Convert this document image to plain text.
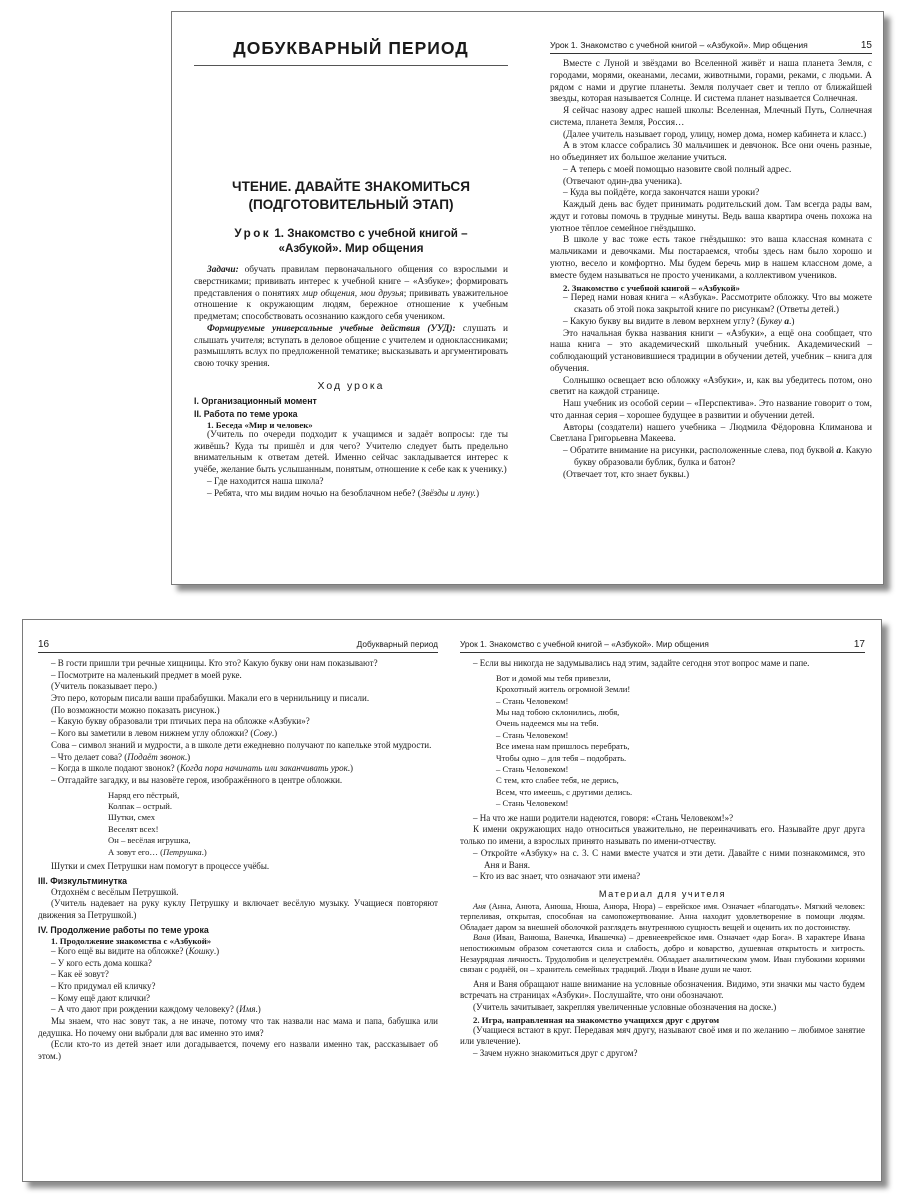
ДОБУКВАРНЫЙ ПЕРИОД
ЧТЕНИЕ. ДАВАЙТЕ ЗНАКОМИТЬСЯ
(ПОДГОТОВИТЕЛЬНЫЙ ЭТАП)
Урок 1. Знакомство с учебной книгой –
«Азбукой». Мир общения

Задачи: обучать правилам первоначального общения со взрослыми и сверстниками; прививать интерес к учебной книге – «Азбуке»; формировать представления о понятиях мир общения, мои друзья; прививать уважительное отношение к окружающим людям, бережное отношение к учебным предметам; способствовать осознанию каждого себя учеником.

Формируемые универсальные учебные действия (УУД): слушать и слышать учителя; вступать в деловое общение с учителем и одноклассниками; размышлять вслух по предложенной тематике; высказывать и аргументировать свою точку зрения.

Ход урока
I. Организационный момент
II. Работа по теме урока
1. Беседа «Мир и человек»

(Учитель по очереди подходит к учащимся и задаёт вопросы: где ты живёшь? Куда ты пришёл и для чего? Учителю следует быть предельно внимательным к ответам детей. Именно сейчас закладывается интерес к учёбе, желание быть услышанным, понятым, отношение к себе как к ученику.)

– Где находится наша школа?

– Ребята, что мы видим ночью на безоблачном небе? (Звёзды и луну.)

Урок 1. Знакомство с учебной книгой – «Азбукой». Мир общения	15

Вместе с Луной и звёздами во Вселенной живёт и наша планета Земля, с городами, морями, океанами, лесами, животными, горами, реками, с людьми. А рядом с нами и другие планеты. Земля получает свет и тепло от ближайшей звезды, которая называется Солнце. И система планет называется Солнечная.

Я сейчас назову адрес нашей школы: Вселенная, Млечный Путь, Солнечная система, планета Земля, Россия…

(Далее учитель называет город, улицу, номер дома, номер кабинета и класс.)

А в этом классе собрались 30 мальчишек и девчонок. Все они очень разные, но объединяет их большое желание учиться.

– А теперь с моей помощью назовите свой полный адрес.

(Отвечают один-два ученика).

– Куда вы пойдёте, когда закончатся наши уроки?

Каждый день вас будет принимать родительский дом. Там всегда рады вам, ждут и готовы помочь в трудные минуты. Ведь ваша квартира очень похожа на уютное тёплое семейное гнёздышко.

В школе у вас тоже есть такое гнёздышко: это ваша классная комната с мальчиками и девочками. Мы постараемся, чтобы здесь нам было хорошо и уютно, весело и комфортно. Мы будем беречь мир в нашем классном доме, а вместе будем называться не просто учениками, а коллективом учеников.

2. Знакомство с учебной книгой – «Азбукой»

– Перед нами новая книга – «Азбука». Рассмотрите обложку. Что вы можете сказать об этой пока закрытой книге по рисункам? (Ответы детей.)

– Какую букву вы видите в левом верхнем углу? (Букву а.)

Это начальная буква названия книги – «Азбуки», а ещё она сообщает, что наша книга – это академический школьный учебник. Академический – соблюдающий установившиеся традиции в обучении детей, учебник – книга для обучения.

Солнышко освещает всю обложку «Азбуки», и, как вы убедитесь потом, оно светит на каждой странице.

Наш учебник из особой серии – «Перспектива». Это название говорит о том, что данная серия – хорошее будущее в развитии и обучении детей.

Авторы (создатели) нашего учебника – Людмила Фёдоровна Климанова и Светлана Григорьевна Макеева.

– Обратите внимание на рисунки, расположенные слева, под буквой а. Какую букву образовали бублик, булка и батон?

(Отвечает тот, кто знает буквы.)

16	Добукварный период

– В гости пришли три речные хищницы. Кто это? Какую букву они нам показывают?

– Посмотрите на маленький предмет в моей руке.

(Учитель показывает перо.)

Это перо, которым писали ваши прабабушки. Макали его в чернильницу и писали.

(По возможности можно показать рисунок.)

– Какую букву образовали три птичьих пера на обложке «Азбуки»?

– Кого вы заметили в левом нижнем углу обложки? (Сову.)

Сова – символ знаний и мудрости, а в школе дети ежедневно получают по капельке этой мудрости.

– Что делает сова? (Подаёт звонок.)

– Когда в школе подают звонок? (Когда пора начинать или заканчивать урок.)

– Отгадайте загадку, и вы назовёте героя, изображённого в центре обложки.

Наряд его пёстрый,
Колпак – острый.
Шутки, смех
Веселят всех!
Он – весёлая игрушка,
А зовут его… (Петрушка.)

Шутки и смех Петрушки нам помогут в процессе учёбы.

III. Физкультминутка

Отдохнём с весёлым Петрушкой.

(Учитель надевает на руку куклу Петрушку и включает весёлую музыку. Учащиеся повторяют движения за Петрушкой.)

IV. Продолжение работы по теме урока
1. Продолжение знакомства с «Азбукой»

– Кого ещё вы видите на обложке? (Кошку.)

– У кого есть дома кошка?

– Как её зовут?

– Кто придумал ей кличку?

– Кому ещё дают клички?

– А что дают при рождении каждому человеку? (Имя.)

Мы знаем, что нас зовут так, а не иначе, потому что так назвали нас мама и папа, бабушка или дедушка. Но почему они выбрали для вас именно это имя?

(Если кто-то из детей знает или догадывается, почему его назвали именно так, рассказывает об этом.)

Урок 1. Знакомство с учебной книгой – «Азбукой». Мир общения	17

– Если вы никогда не задумывались над этим, задайте сегодня этот вопрос маме и папе.

Вот и домой мы тебя привезли,
Крохотный житель огромной Земли!
– Стань Человеком!
Мы над тобою склонились, любя,
Очень надеемся мы на тебя.
– Стань Человеком!
Все имена нам пришлось перебрать,
Чтобы одно – для тебя – подобрать.
– Стань Человеком!
С тем, кто слабее тебя, не дерись,
Всем, что имеешь, с другими делись.
– Стань Человеком!

– На что же наши родители надеются, говоря: «Стань Человеком!»?

К имени окружающих надо относиться уважительно, не переиначивать его. Называйте друг друга только по имени, а взрослых принято называть по имени-отчеству.

– Откройте «Азбуку» на с. 3. С нами вместе учатся и эти дети. Давайте с ними познакомимся, это Аня и Ваня.

– Кто из вас знает, что означают эти имена?

Материал для учителя

Аня (Анна, Анюта, Анюша, Нюша, Анюра, Нюра) – еврейское имя. Означает «благодать». Мягкий человек: терпеливая, открытая, способная на самопожертвование. Анна находит удовлетворение в помощи людям. Обладает даром за внешней оболочкой разглядеть внутреннюю сущность вещей и оценить их по достоинству.

Ваня (Иван, Ванюша, Ванечка, Ивашечка) – древнееврейское имя. Означает «дар Бога». В характере Ивана непостижимым образом сочетаются сила и слабость, добро и коварство, душевная открытость и хитрость. Незаурядная личность. Трудолюбив и целеустремлён. Обладает аналитическим умом. Иван глубокими корнями связан с роднёй, он – хранитель семейных традиций. Люди в Иване души не чают.

Аня и Ваня обращают наше внимание на условные обозначения. Видимо, эти значки мы часто будем встречать на страницах «Азбуки». Послушайте, что они обозначают.

(Учитель зачитывает, закрепляя увеличенные условные обозначения на доске.)

2. Игра, направленная на знакомство учащихся друг с другом

(Учащиеся встают в круг. Передавая мяч другу, называют своё имя и по желанию – любимое занятие или увлечение).

– Зачем нужно знакомиться друг с другом?
